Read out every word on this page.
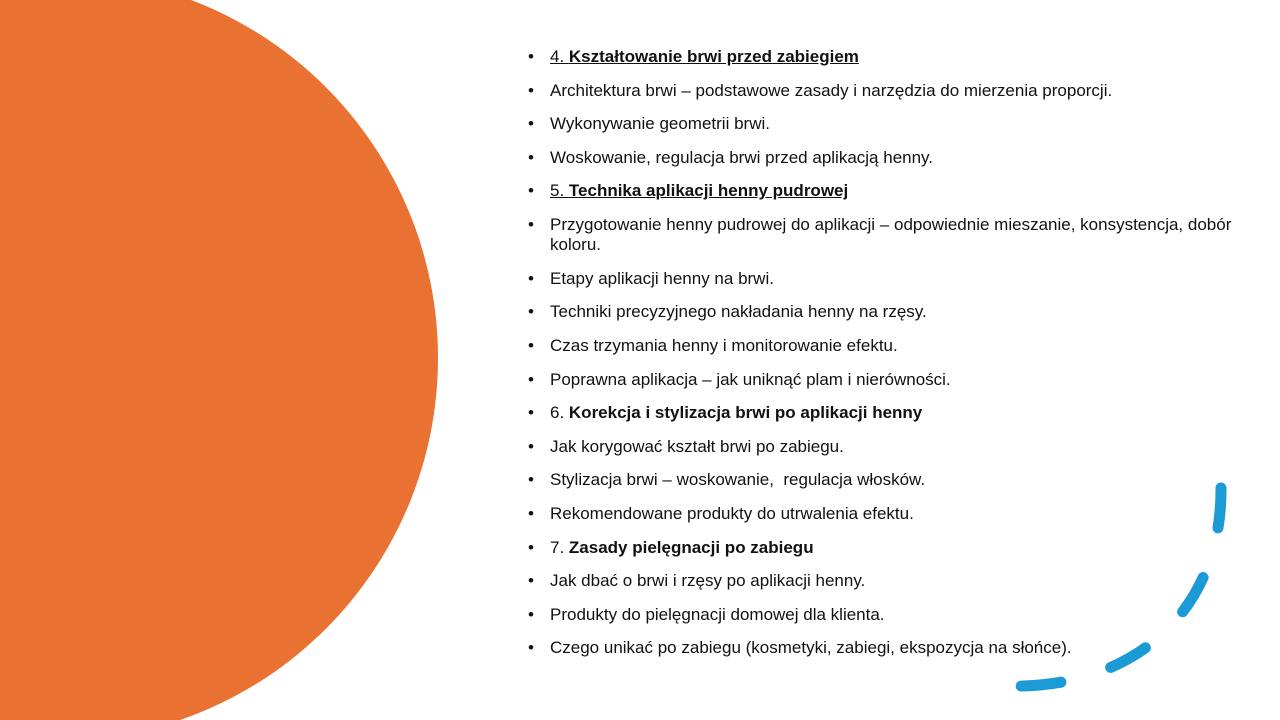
• 4. Kształtowanie brwi przed zabiegiem
• Architektura brwi – podstawowe zasady i narzędzia do mierzenia proporcji.
• Wykonywanie geometrii brwi.
• Woskowanie, regulacja brwi przed aplikacją henny.
• 5. Technika aplikacji henny pudrowej
• Przygotowanie henny pudrowej do aplikacji – odpowiednie mieszanie, konsystencja, dobór koloru.
• Etapy aplikacji henny na brwi.
• Techniki precyzyjnego nakładania henny na rzęsy.
• Czas trzymania henny i monitorowanie efektu.
• Poprawna aplikacja – jak uniknąć plam i nierówności.
• 6. Korekcja i stylizacja brwi po aplikacji henny
• Jak korygować kształt brwi po zabiegu.
• Stylizacja brwi – woskowanie,  regulacja włosków.
• Rekomendowane produkty do utrwalenia efektu.
• 7. Zasady pielęgnacji po zabiegu
• Jak dbać o brwi i rzęsy po aplikacji henny.
• Produkty do pielęgnacji domowej dla klienta.
• Czego unikać po zabiegu (kosmetyki, zabiegi, ekspozycja na słońce).
